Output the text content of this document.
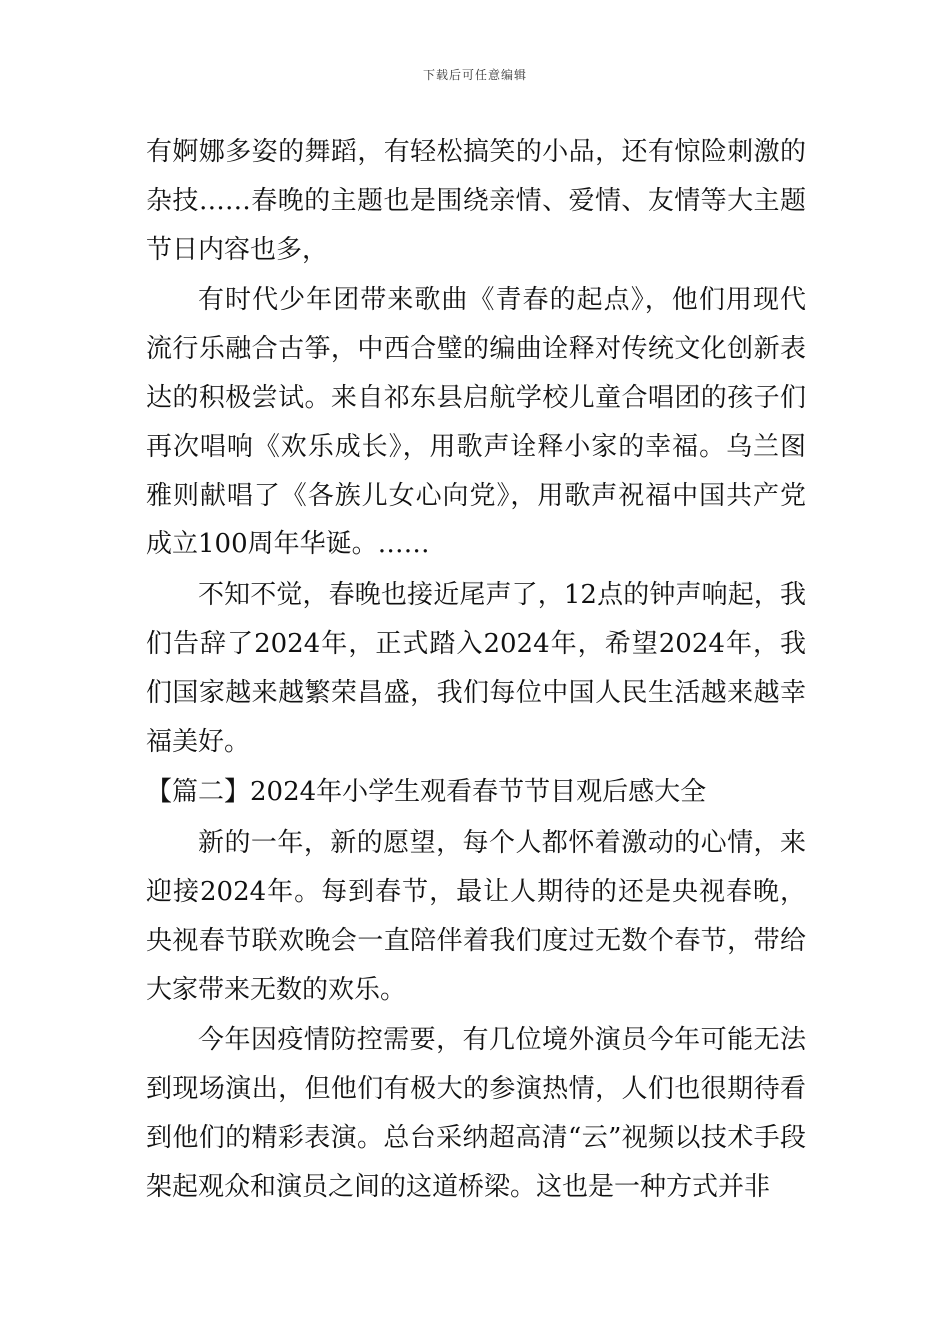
下载后可任意编辑

有婀娜多姿的舞蹈，有轻松搞笑的小品，还有惊险刺激的杂技……春晚的主题也是围绕亲情、爱情、友情等大主题节日内容也多，

有时代少年团带来歌曲《青春的起点》，他们用现代流行乐融合古筝，中西合璧的编曲诠释对传统文化创新表达的积极尝试。来自祁东县启航学校儿童合唱团的孩子们再次唱响《欢乐成长》，用歌声诠释小家的幸福。乌兰图雅则献唱了《各族儿女心向党》，用歌声祝福中国共产党成立100周年华诞。……

不知不觉，春晚也接近尾声了，12点的钟声响起，我们告辞了2024年，正式踏入2024年，希望2024年，我们国家越来越繁荣昌盛，我们每位中国人民生活越来越幸福美好。

【篇二】2024年小学生观看春节节目观后感大全

新的一年，新的愿望，每个人都怀着激动的心情，来迎接2024年。每到春节，最让人期待的还是央视春晚，央视春节联欢晚会一直陪伴着我们度过无数个春节，带给大家带来无数的欢乐。

今年因疫情防控需要，有几位境外演员今年可能无法到现场演出，但他们有极大的参演热情，人们也很期待看到他们的精彩表演。总台采纳超高清“云”视频以技术手段架起观众和演员之间的这道桥梁。这也是一种方式并非
